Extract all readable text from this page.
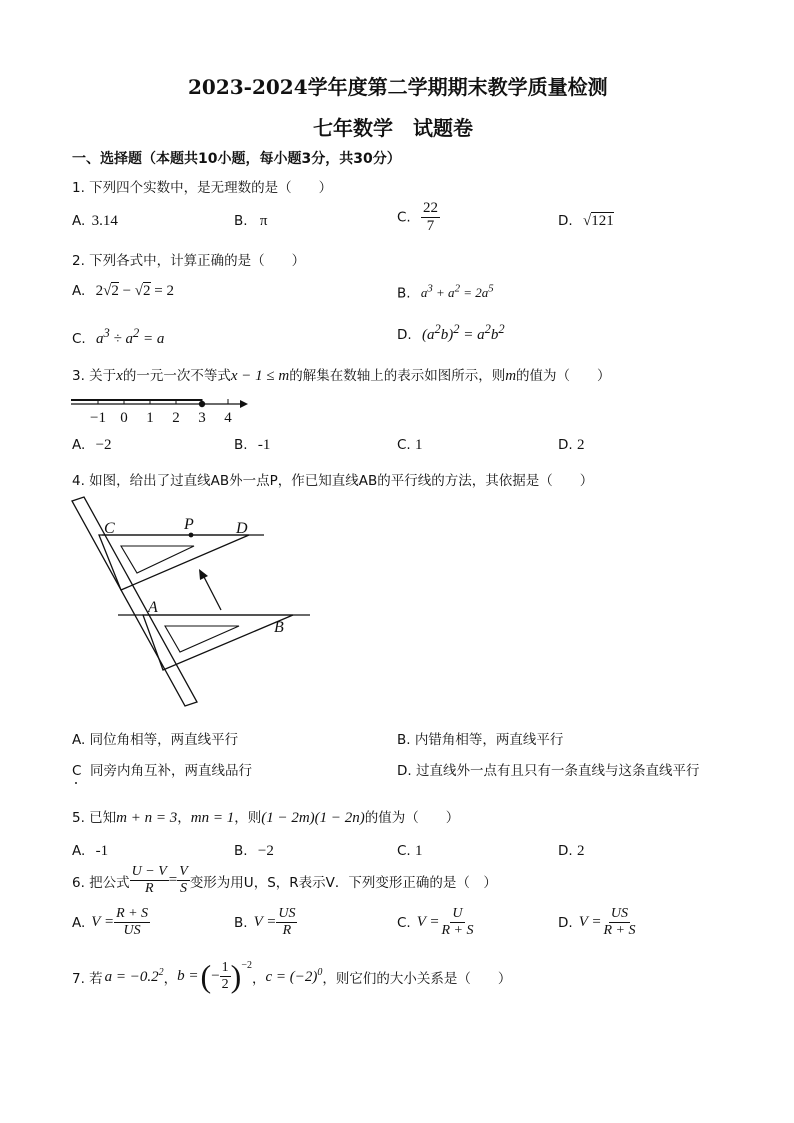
2023-2024学年度第二学期期末教学质量检测
七年数学　试题卷
一、选择题（本题共10小题，每小题3分，共30分）
1. 下列四个实数中，是无理数的是（　　）
A. 3.14	B. π	C. $\frac{22}{7}$	D. √121
2. 下列各式中，计算正确的是（　　）
A. 2√2 − √2 = 2	B. $a^3 + a^2 = 2a^5$
C. $a^3 \div a^2 = a$	D. $(a^2b)^2 = a^2b^2$
3. 关于x的一元一次不等式x − 1 ≤ m的解集在数轴上的表示如图所示，则m的值为（　　）
−1 0 1 2 3 4
A. −2	B. -1	C. 1	D. 2
4. 如图，给出了过直线AB外一点P，作已知直线AB的平行线的方法，其依据是（　　）
C	P	D
A
B
A. 同位角相等，两直线平行	B. 内错角相等，两直线平行
C 同旁内角互补，两直线品行	D. 过直线外一点有且只有一条直线与这条直线平行
5. 已知m + n = 3，mn = 1，则(1 − 2m)(1 − 2n)的值为（　　）
A. -1	B. −2	C. 1	D. 2
6. 把公式 $\frac{U - V}{R} = \frac{V}{S}$ 变形为用U，S，R表示V．下列变形正确的是（　）
A. $V = \frac{R + S}{US}$	B. $V = \frac{US}{R}$	C. $V = \frac{U}{R + S}$	D. $V = \frac{US}{R + S}$
7. 若 $a = -0.2^2$ ， b = ( − $\frac{1}{2}$ ) −2
， $c = (-2)^0$ ，则它们的大小关系是（　　）
